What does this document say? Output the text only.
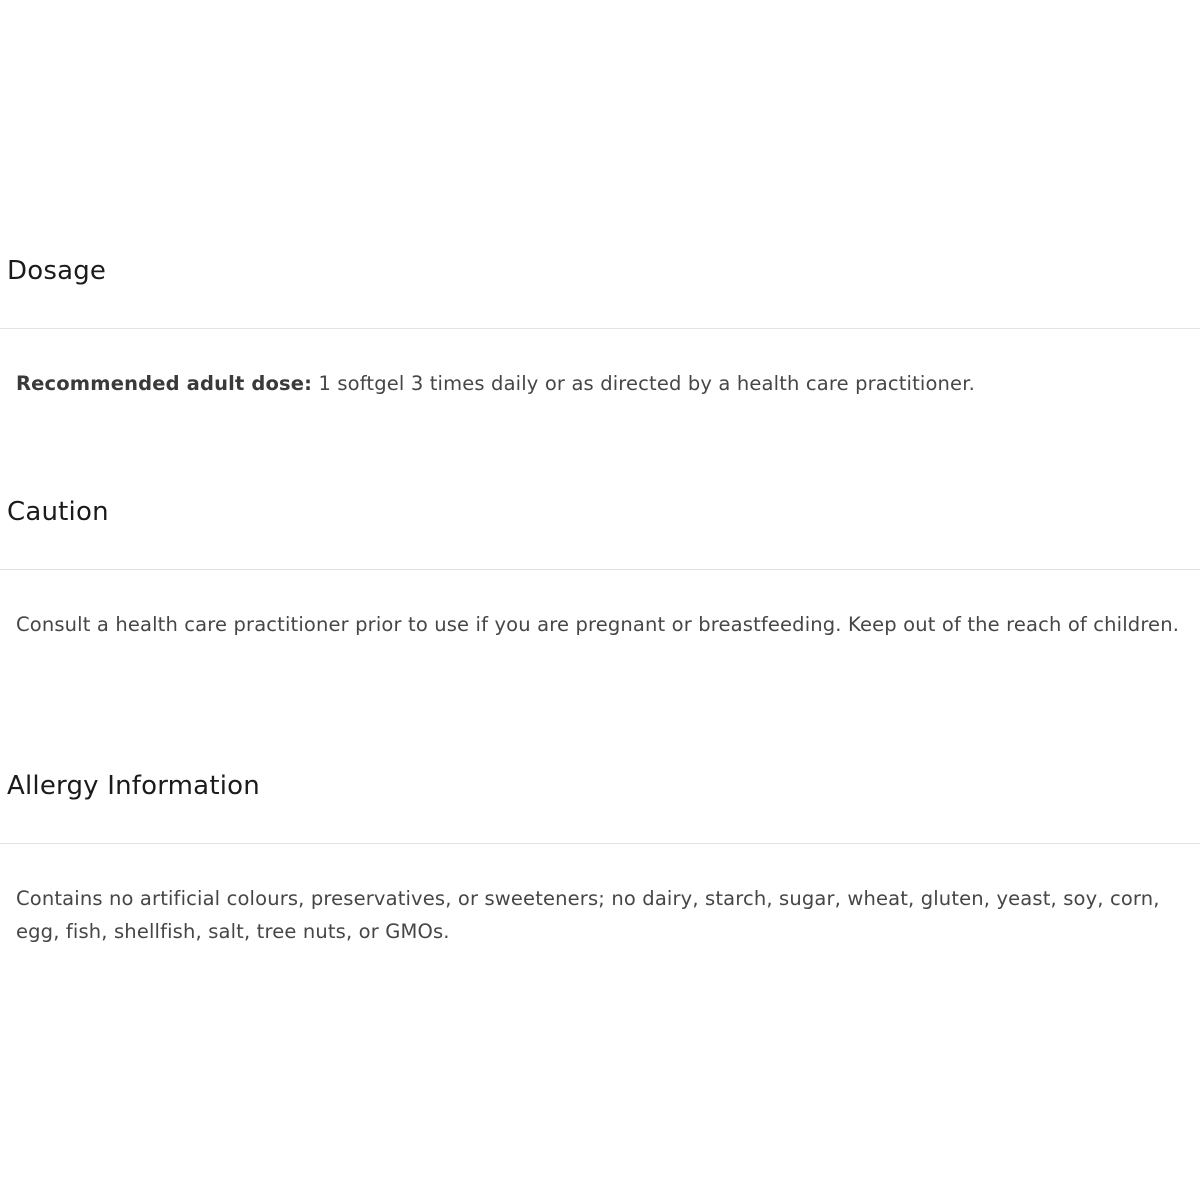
Dosage

Recommended adult dose: 1 softgel 3 times daily or as directed by a health care practitioner.

Caution

Consult a health care practitioner prior to use if you are pregnant or breastfeeding. Keep out of the reach of children.

Allergy Information

Contains no artificial colours, preservatives, or sweeteners; no dairy, starch, sugar, wheat, gluten, yeast, soy, corn, egg, fish, shellfish, salt, tree nuts, or GMOs.
